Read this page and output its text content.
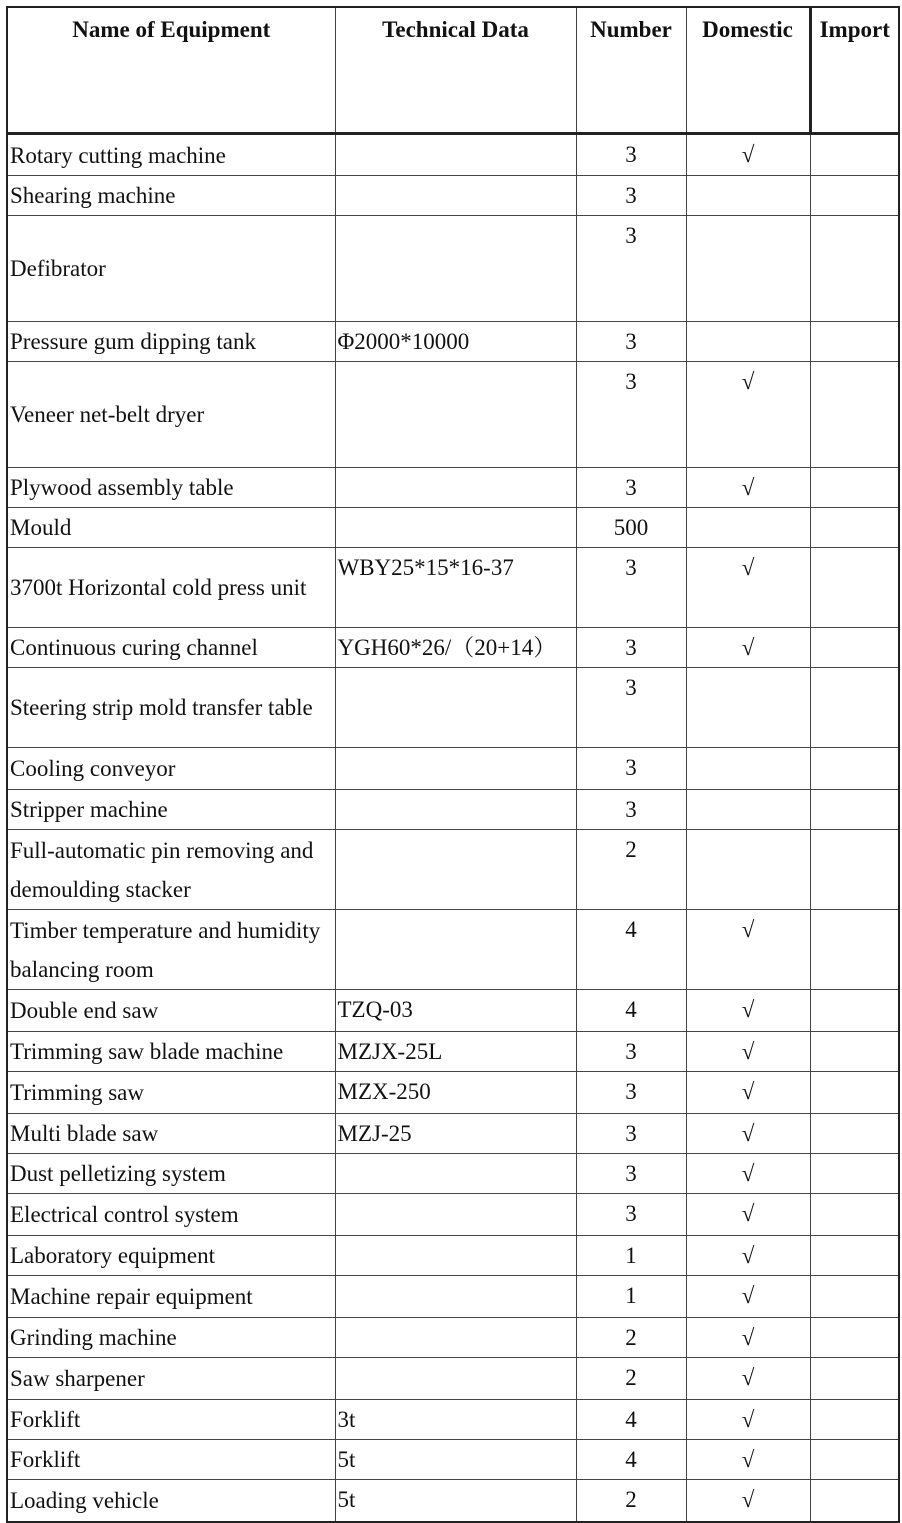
Name of Equipment	Technical Data	Number	Domestic	Import
Rotary cutting machine		3	√	
Shearing machine		3		
Defibrator		3		
Pressure gum dipping tank	Φ2000*10000	3		
Veneer net-belt dryer		3	√	
Plywood assembly table		3	√	
Mould		500		
3700t Horizontal cold press unit	WBY25*15*16-37	3	√	
Continuous curing channel	YGH60*26/（20+14）	3	√	
Steering strip mold transfer table		3		
Cooling conveyor		3		
Stripper machine		3		
Full-automatic pin removing and demoulding stacker		2		
Timber temperature and humidity balancing room		4	√	
Double end saw	TZQ-03	4	√	
Trimming saw blade machine	MZJX-25L	3	√	
Trimming saw	MZX-250	3	√	
Multi blade saw	MZJ-25	3	√	
Dust pelletizing system		3	√	
Electrical control system		3	√	
Laboratory equipment		1	√	
Machine repair equipment		1	√	
Grinding machine		2	√	
Saw sharpener		2	√	
Forklift	3t	4	√	
Forklift	5t	4	√	
Loading vehicle	5t	2	√	
